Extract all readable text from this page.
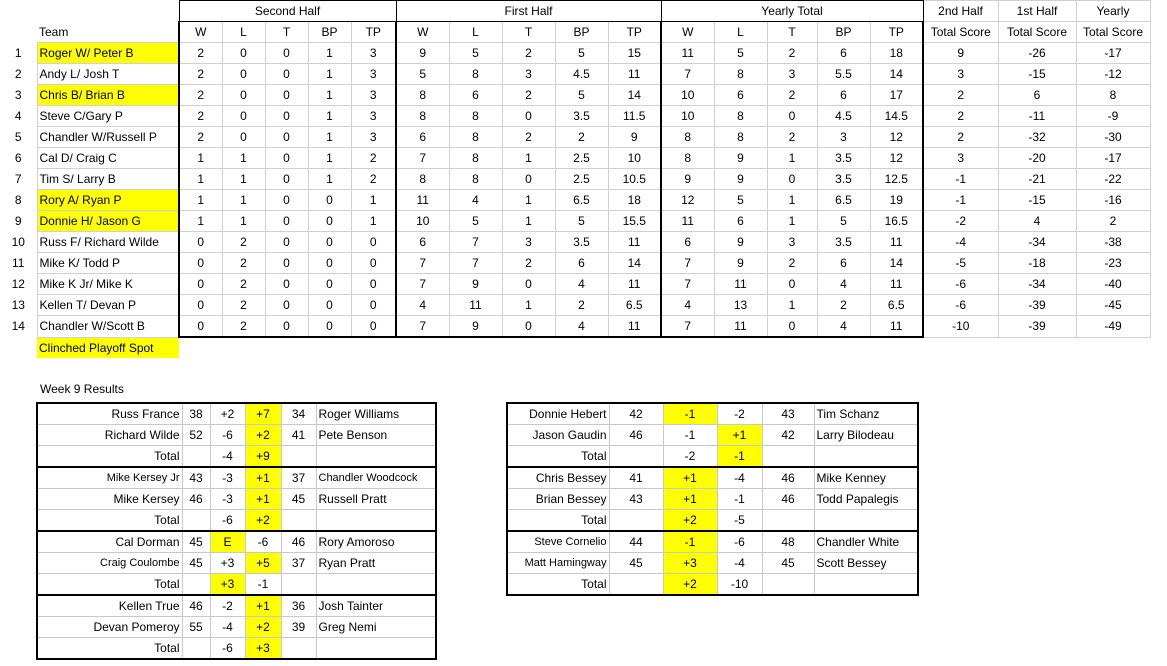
		Second Half					First Half					Yearly Total					2nd Half	1st Half	Yearly
	Team	W	L	T	BP	TP	W	L	T	BP	TP	W	L	T	BP	TP	Total Score	Total Score	Total Score
1	Roger W/ Peter B	2	0	0	1	3	9	5	2	5	15	11	5	2	6	18	9	-26	-17
2	Andy L/ Josh T	2	0	0	1	3	5	8	3	4.5	11	7	8	3	5.5	14	3	-15	-12
3	Chris B/ Brian B	2	0	0	1	3	8	6	2	5	14	10	6	2	6	17	2	6	8
4	Steve C/Gary P	2	0	0	1	3	8	8	0	3.5	11.5	10	8	0	4.5	14.5	2	-11	-9
5	Chandler W/Russell P	2	0	0	1	3	6	8	2	2	9	8	8	2	3	12	2	-32	-30
6	Cal D/ Craig C	1	1	0	1	2	7	8	1	2.5	10	8	9	1	3.5	12	3	-20	-17
7	Tim S/ Larry B	1	1	0	1	2	8	8	0	2.5	10.5	9	9	0	3.5	12.5	-1	-21	-22
8	Rory A/ Ryan P	1	1	0	0	1	11	4	1	6.5	18	12	5	1	6.5	19	-1	-15	-16
9	Donnie H/ Jason G	1	1	0	0	1	10	5	1	5	15.5	11	6	1	5	16.5	-2	4	2
10	Russ F/ Richard Wilde	0	2	0	0	0	6	7	3	3.5	11	6	9	3	3.5	11	-4	-34	-38
11	Mike K/ Todd P	0	2	0	0	0	7	7	2	6	14	7	9	2	6	14	-5	-18	-23
12	Mike K Jr/ Mike K	0	2	0	0	0	7	9	0	4	11	7	11	0	4	11	-6	-34	-40
13	Kellen T/ Devan P	0	2	0	0	0	4	11	1	2	6.5	4	13	1	2	6.5	-6	-39	-45
14	Chandler W/Scott B	0	2	0	0	0	7	9	0	4	11	7	11	0	4	11	-10	-39	-49
	Clinched Playoff Spot																		
Week 9 Results
Russ France	38	+2	+7	34	Roger Williams
Richard Wilde	52	-6	+2	41	Pete Benson
Total		-4	+9		
Mike Kersey Jr	43	-3	+1	37	Chandler Woodcock
Mike Kersey	46	-3	+1	45	Russell Pratt
Total		-6	+2		
Cal Dorman	45	E	-6	46	Rory Amoroso
Craig Coulombe	45	+3	+5	37	Ryan Pratt
Total		+3	-1		
Kellen True	46	-2	+1	36	Josh Tainter
Devan Pomeroy	55	-4	+2	39	Greg Nemi
Total		-6	+3		
Donnie Hebert	42	-1	-2	43	Tim Schanz
Jason Gaudin	46	-1	+1	42	Larry Bilodeau
Total		-2	-1		
Chris Bessey	41	+1	-4	46	Mike Kenney
Brian Bessey	43	+1	-1	46	Todd Papalegis
Total		+2	-5		
Steve Cornelio	44	-1	-6	48	Chandler White
Matt Hamingway	45	+3	-4	45	Scott Bessey
Total		+2	-10		
